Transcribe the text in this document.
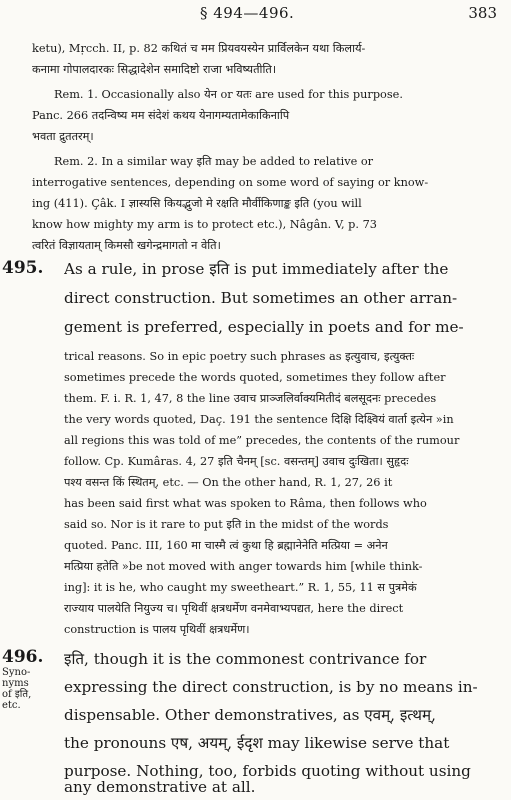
§ 494—496.	383
ketu), Mṛcch. II, p. 82 कथितं च मम प्रियवयस्येन प्रार्विलकेन यथा किलार्य-
कनामा गोपालदारकः सिद्धादेशेन समादिष्टो राजा भविष्यतीति।
Rem. 1. Occasionally also येन or यतः are used for this purpose.
Panc. 266 तदन्विष्य मम संदेशं कथय येनागम्यतामेकाकिनापि
भवता द्रुततरम्।
Rem. 2. In a similar way इति may be added to relative or
interrogative sentences, depending on some word of saying or know-
ing (411). Çâk. I ज्ञास्यसि कियद्भुजो मे रक्षति मौर्वीकिणाङ्क इति (you will
know how mighty my arm is to protect etc.), Nâgân. V, p. 73
त्वरितं विज्ञायताम् किमसौ खगेन्द्रमागतो न वेति।
495. As a rule, in prose इति is put immediately after the
direct construction. But sometimes an other arran-
gement is preferred, especially in poets and for me-
trical reasons. So in epic poetry such phrases as इत्युवाच, इत्युक्तः
sometimes precede the words quoted, sometimes they follow after
them. F. i. R. 1, 47, 8 the line उवाच प्राञ्जलिर्वाक्यमितीदं बलसूदनः precedes
the very words quoted, Daç. 191 the sentence दिक्षि दिक्ष्वियं वार्ता इत्येन »in
all regions this was told of me” precedes, the contents of the rumour
follow. Cp. Kumâras. 4, 27 इति चैनम् [sc. वसन्तम्] उवाच दुःखिता। सुहृदः
पश्य वसन्त किं स्थितम्, etc. — On the other hand, R. 1, 27, 26 it
has been said first what was spoken to Râma, then follows who
said so. Nor is it rare to put इति in the midst of the words
quoted. Panc. III, 160 मा चास्मै त्वं कुथा हि ब्रह्मानेनेति मत्प्रिया = अनेन
मत्प्रिया हतेति »be not moved with anger towards him [while think-
ing]: it is he, who caught my sweetheart.” R. 1, 55, 11 स पुत्रमेकं
राज्याय पालयेति नियुज्य च। पृथिवीं क्षत्रधर्मेण वनमेवाभ्यपद्यत, here the direct
construction is पालय पृथिवीं क्षत्रधर्मेण।
496.
Syno-
nyms
of इति,
etc.
इति, though it is the commonest contrivance for
expressing the direct construction, is by no means in-
dispensable. Other demonstratives, as एवम्, इत्थम्,
the pronouns एष, अयम्, ईदृश may likewise serve that
purpose. Nothing, too, forbids quoting without using
any demonstrative at all.
